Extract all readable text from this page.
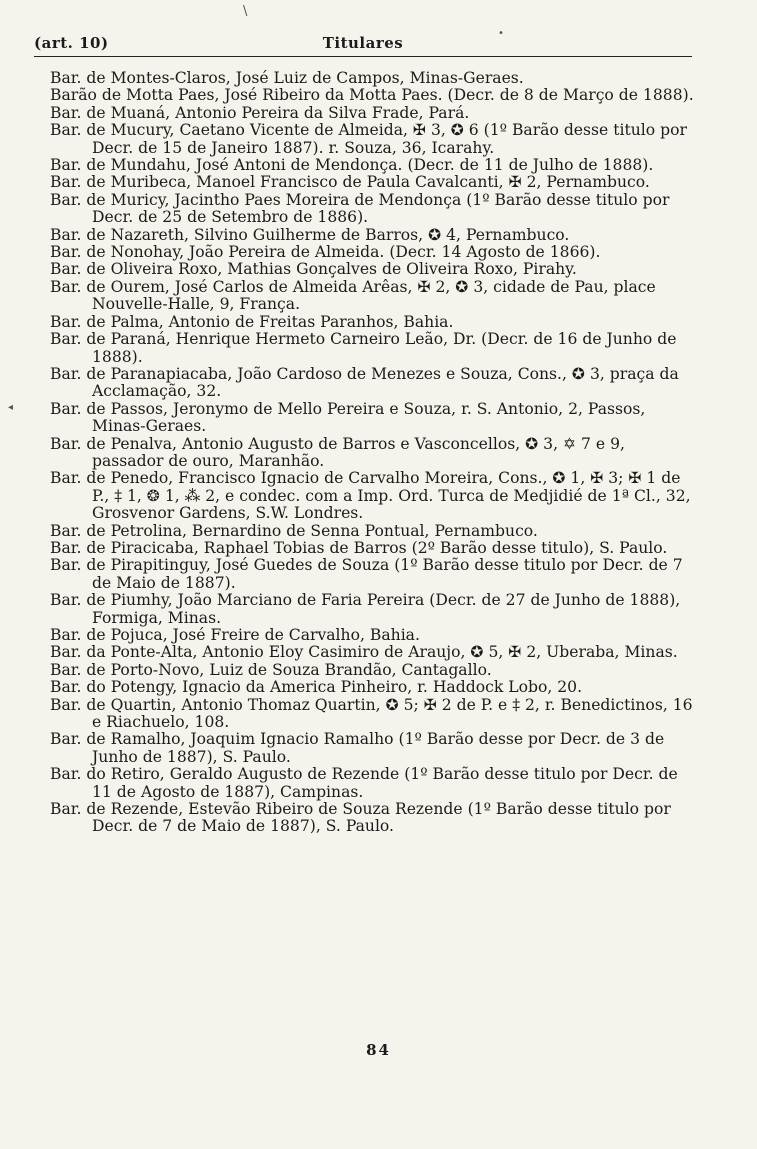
(art. 10)	Titulares
Bar. de Montes-Claros, José Luiz de Campos, Minas-Geraes.
Barão de Motta Paes, José Ribeiro da Motta Paes. (Decr. de 8 de Março de 1888).
Bar. de Muaná, Antonio Pereira da Silva Frade, Pará.
Bar. de Mucury, Caetano Vicente de Almeida, ✠ 3, ✪ 6 (1º Barão desse titulo por Decr. de 15 de Janeiro 1887). r. Souza, 36, Icarahy.
Bar. de Mundahu, José Antoni de Mendonça. (Decr. de 11 de Julho de 1888).
Bar. de Muribeca, Manoel Francisco de Paula Cavalcanti, ✠ 2, Pernambuco.
Bar. de Muricy, Jacintho Paes Moreira de Mendonça (1º Barão desse titulo por Decr. de 25 de Setembro de 1886).
Bar. de Nazareth, Silvino Guilherme de Barros, ✪ 4, Pernambuco.
Bar. de Nonohay, João Pereira de Almeida. (Decr. 14 Agosto de 1866).
Bar. de Oliveira Roxo, Mathias Gonçalves de Oliveira Roxo, Pirahy.
Bar. de Ourem, José Carlos de Almeida Arêas, ✠ 2, ✪ 3, cidade de Pau, place Nouvelle-Halle, 9, França.
Bar. de Palma, Antonio de Freitas Paranhos, Bahia.
Bar. de Paraná, Henrique Hermeto Carneiro Leão, Dr. (Decr. de 16 de Junho de 1888).
Bar. de Paranapiacaba, João Cardoso de Menezes e Souza, Cons., ✪ 3, praça da Acclamação, 32.
Bar. de Passos, Jeronymo de Mello Pereira e Souza, r. S. Antonio, 2, Passos, Minas-Geraes.
Bar. de Penalva, Antonio Augusto de Barros e Vasconcellos, ✪ 3, ✡ 7 e 9, passador de ouro, Maranhão.
Bar. de Penedo, Francisco Ignacio de Carvalho Moreira, Cons., ✪ 1, ✠ 3; ✠ 1 de P., ‡ 1, ❂ 1, ⁂ 2, e condec. com a Imp. Ord. Turca de Medjidié de 1ª Cl., 32, Grosvenor Gardens, S.W. Londres.
Bar. de Petrolina, Bernardino de Senna Pontual, Pernambuco.
Bar. de Piracicaba, Raphael Tobias de Barros (2º Barão desse titulo), S. Paulo.
Bar. de Pirapitinguy, José Guedes de Souza (1º Barão desse titulo por Decr. de 7 de Maio de 1887).
Bar. de Piumhy, João Marciano de Faria Pereira (Decr. de 27 de Junho de 1888), Formiga, Minas.
Bar. de Pojuca, José Freire de Carvalho, Bahia.
Bar. da Ponte-Alta, Antonio Eloy Casimiro de Araujo, ✪ 5, ✠ 2, Uberaba, Minas.
Bar. de Porto-Novo, Luiz de Souza Brandão, Cantagallo.
Bar. do Potengy, Ignacio da America Pinheiro, r. Haddock Lobo, 20.
Bar. de Quartin, Antonio Thomaz Quartin, ✪ 5; ✠ 2 de P. e ‡ 2, r. Benedictinos, 16 e Riachuelo, 108.
Bar. de Ramalho, Joaquim Ignacio Ramalho (1º Barão desse por Decr. de 3 de Junho de 1887), S. Paulo.
Bar. do Retiro, Geraldo Augusto de Rezende (1º Barão desse titulo por Decr. de 11 de Agosto de 1887), Campinas.
Bar. de Rezende, Estevão Ribeiro de Souza Rezende (1º Barão desse titulo por Decr. de 7 de Maio de 1887), S. Paulo.
84
\
•
◂
